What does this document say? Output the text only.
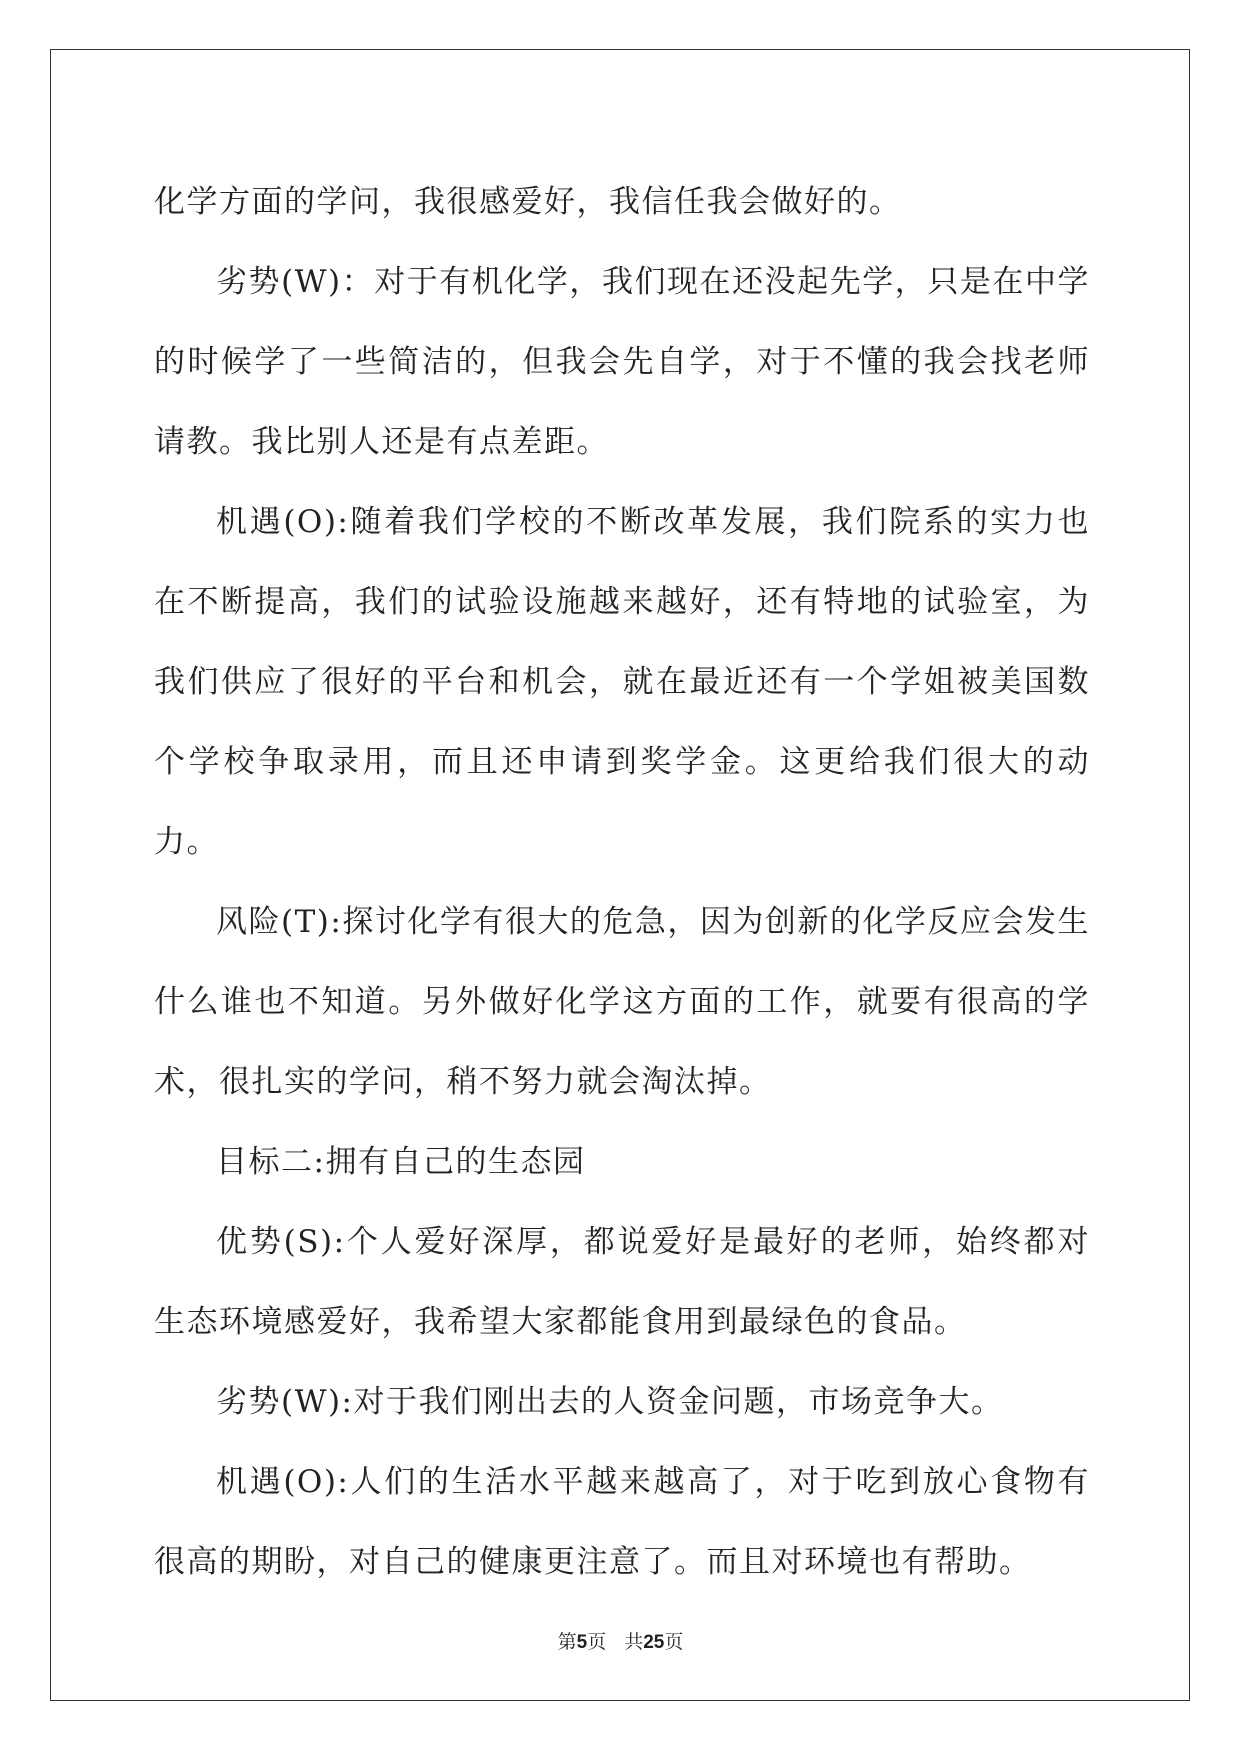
化学方面的学问，我很感爱好，我信任我会做好的。

劣势(W)：对于有机化学，我们现在还没起先学，只是在中学的时候学了一些简洁的，但我会先自学，对于不懂的我会找老师请教。我比别人还是有点差距。

机遇(O):随着我们学校的不断改革发展，我们院系的实力也在不断提高，我们的试验设施越来越好，还有特地的试验室，为我们供应了很好的平台和机会，就在最近还有一个学姐被美国数个学校争取录用，而且还申请到奖学金。这更给我们很大的动力。

风险(T):探讨化学有很大的危急，因为创新的化学反应会发生什么谁也不知道。另外做好化学这方面的工作，就要有很高的学术，很扎实的学问，稍不努力就会淘汰掉。

目标二:拥有自己的生态园

优势(S):个人爱好深厚，都说爱好是最好的老师，始终都对生态环境感爱好，我希望大家都能食用到最绿色的食品。

劣势(W):对于我们刚出去的人资金问题，市场竞争大。

机遇(O):人们的生活水平越来越高了，对于吃到放心食物有很高的期盼，对自己的健康更注意了。而且对环境也有帮助。

第5页 共25页
